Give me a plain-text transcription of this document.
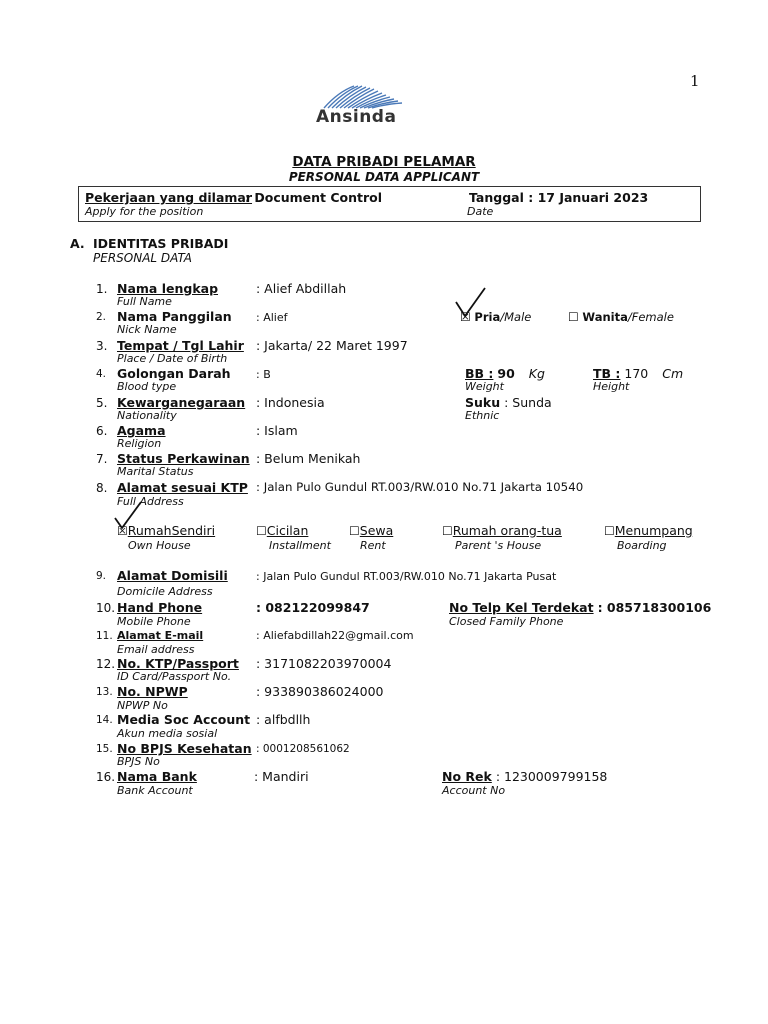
1
Ansinda
DATA PRIBADI PELAMAR
PERSONAL DATA APPLICANT
Pekerjaan yang dilamar
: Document Control
Apply for the position
Tanggal : 17 Januari 2023
Date
A. IDENTITAS PRIBADI
PERSONAL DATA
1. Nama lengkap
Full Name
: Alief Abdillah
2. Nama Panggilan
Nick Name
: Alief	☒ Pria/Male	☐ Wanita/Female
3. Tempat / Tgl Lahir
Place / Date of Birth
: Jakarta/ 22 Maret 1997
4. Golongan Darah
Blood type
: B	BB : 90 Kg
Weight
TB : 170 Cm
Height
5. Kewarganegaraan
Nationality
: Indonesia	Suku : Sunda
Ethnic
6. Agama
Religion
: Islam
7. Status Perkawinan
Marital Status
: Belum Menikah
8. Alamat sesuai KTP
Full Address
: Jalan Pulo Gundul RT.003/RW.010 No.71 Jakarta 10540
☒RumahSendiri
Own House
☐Cicilan
Installment
☐Sewa
Rent
☐Rumah orang-tua
Parent 's House
☐Menumpang
Boarding
9. Alamat Domisili
Domicile Address
: Jalan Pulo Gundul RT.003/RW.010 No.71 Jakarta Pusat
10. Hand Phone
Mobile Phone
: 082122099847	No Telp Kel Terdekat : 085718300106
Closed Family Phone
11. Alamat E-mail
Email address
: Aliefabdillah22@gmail.com
12. No. KTP/Passport
ID Card/Passport No.
: 3171082203970004
13. No. NPWP
NPWP No
: 933890386024000
14. Media Soc Account
Akun media sosial
: alfbdllh
15. No BPJS Kesehatan
BPJS No
: 0001208561062
16. Nama Bank
Bank Account
: Mandiri	No Rek : 1230009799158
Account No
